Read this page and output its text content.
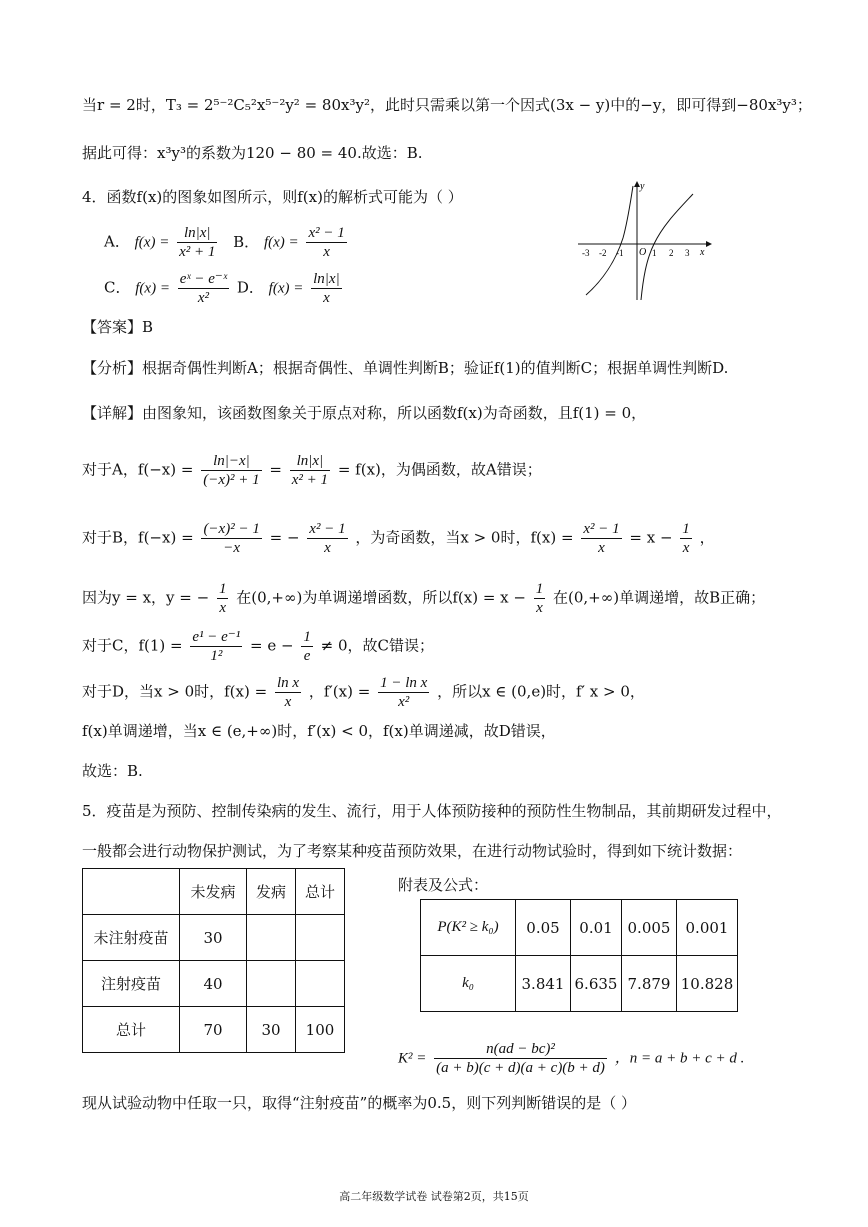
当r = 2时，T₃ = 2⁵⁻²C₅²x⁵⁻²y² = 80x³y²，此时只需乘以第一个因式(3x − y)中的−y，即可得到−80x³y³；
据此可得：x³y³的系数为120 − 80 = 40.故选：B.
4．函数f(x)的图象如图所示，则f(x)的解析式可能为（ ）
A． $f(x) = \frac{\ln|x|}{\text{x² + 1}}$ B． $f(x) = \frac{\text{x² − 1}}{x}$
C． $f(x) = \frac{\text{eˣ − e⁻ˣ}}{\text{x²}}$ D． $f(x) = \frac{\ln|x|}{x}$
y
x
O
-3 -2 -1	1 2 3
【答案】B
【分析】根据奇偶性判断A；根据奇偶性、单调性判断B；验证f(1)的值判断C；根据单调性判断D.
【详解】由图象知，该函数图象关于原点对称，所以函数f(x)为奇函数，且f(1) = 0，
对于A，$f(-x) = \frac{\ln|-x|}{\text{(−x)² + 1}} = \frac{\ln|x|}{\text{x² + 1}} = f(x)$，为偶函数，故A错误；
对于B，$f(-x) = \frac{\text{(−x)² − 1}}{-x}$ = − $\frac{\text{x² − 1}}{x}$ ，为奇函数，当x > 0时，$f(x) = \frac{\text{x² − 1}}{x} = x - \frac{1}{x}$ ，
因为y = x，y = − $\frac{1}{x}$ 在(0,+∞)为单调递增函数，所以$f(x) = x - \frac{1}{x}$ 在(0,+∞)单调递增，故B正确；
对于C，$f(1) = \frac{\text{e¹ − e⁻¹}}{\text{1²}} = e - \frac{1}{e} \ne 0$，故C错误；
对于D，当x > 0时，$f(x) = \frac{\text{ln x}}{x}$ ，$f'(x) = \frac{\text{1 − ln x}}{\text{x²}}$ ，所以x ∈ (0,e)时，f′ x > 0，
f(x)单调递增，当x ∈ (e,+∞)时，f′(x) < 0，f(x)单调递减，故D错误，
故选：B.
5．疫苗是为预防、控制传染病的发生、流行，用于人体预防接种的预防性生物制品，其前期研发过程中，
一般都会进行动物保护测试，为了考察某种疫苗预防效果，在进行动物试验时，得到如下统计数据：
	未发病	发病	总计
未注射疫苗	30		
注射疫苗	40		
总计	70	30	100
附表及公式：
P(K² ≥ k₀)	0.05	0.01	0.005	0.001
k₀	3.841	6.635	7.879	10.828
$K^2 = \frac{\text{n(ad − bc)²}}{(a + b)(c + d)(a + c)(b + d)}$ ，n = a + b + c + d .
现从试验动物中任取一只，取得“注射疫苗”的概率为0.5，则下列判断错误的是（ ）
高二年级数学试卷 试卷第2页，共15页
